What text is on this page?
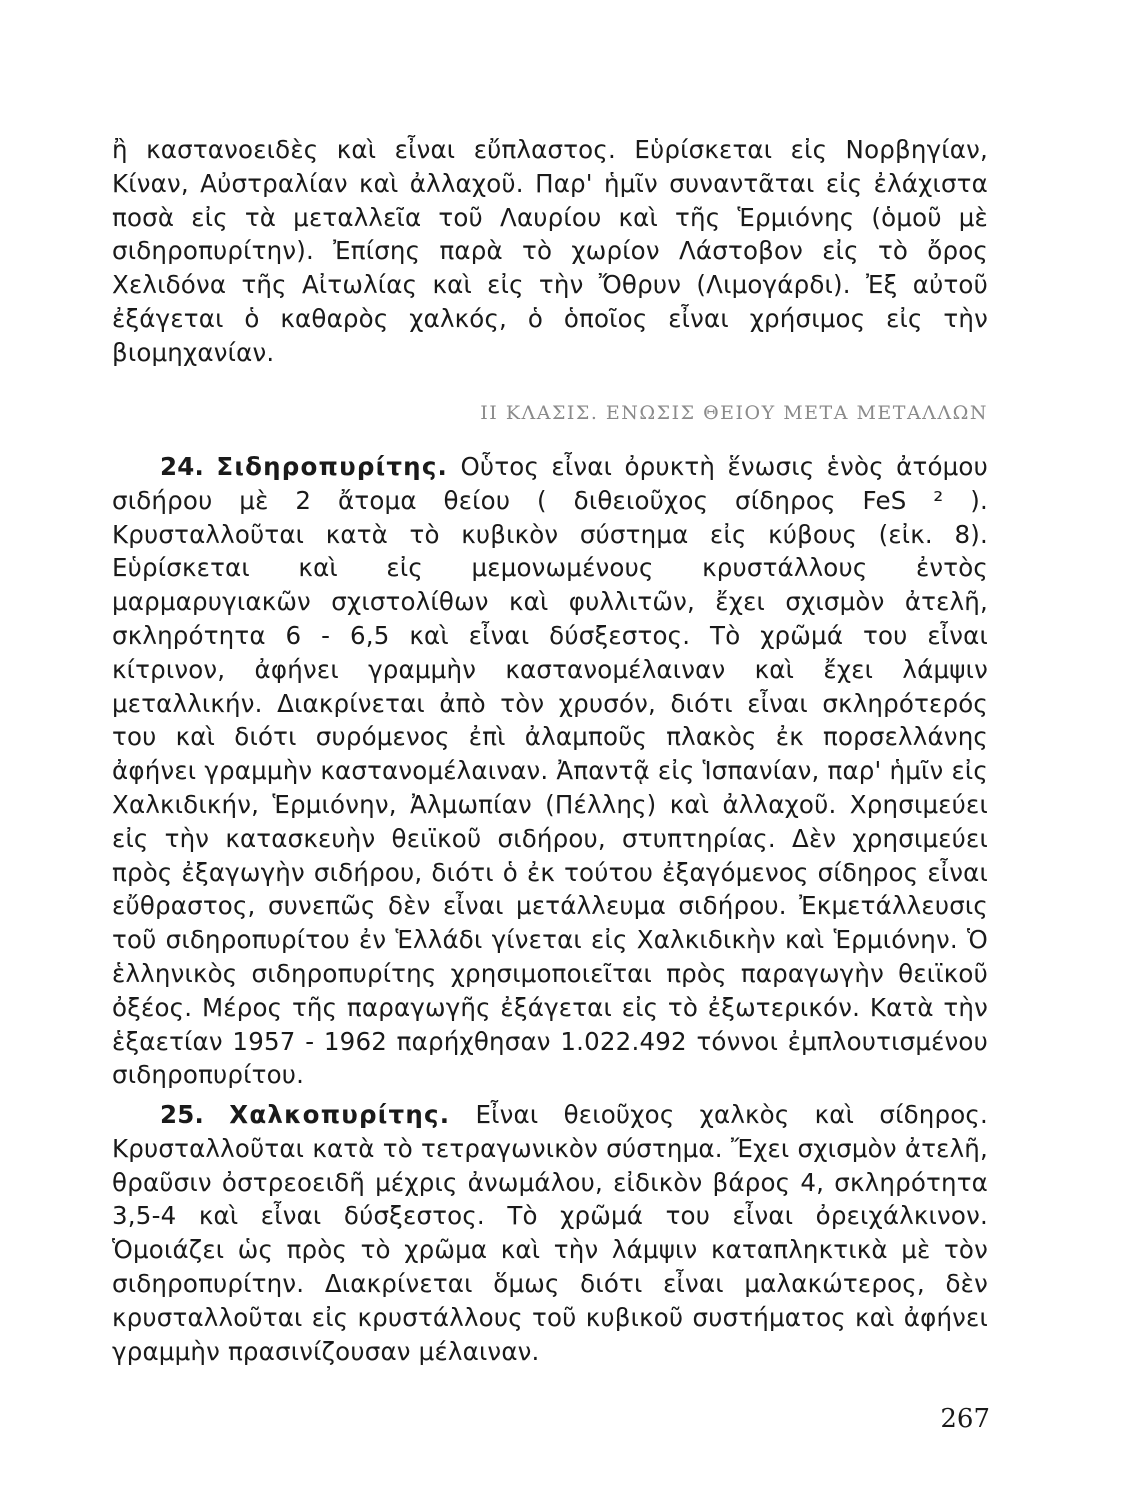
ἢ καστανοειδὲς καὶ εἶναι εὔπλαστος. Εὑρίσκεται εἰς Νορβηγίαν, Κίναν, Αὐστραλίαν καὶ ἀλλαχοῦ. Παρ' ἡμῖν συναντᾶται εἰς ἐλάχιστα ποσὰ εἰς τὰ μεταλλεῖα τοῦ Λαυρίου καὶ τῆς Ἑρμιόνης (ὁμοῦ μὲ σιδηροπυρίτην). Ἐπίσης παρὰ τὸ χωρίον Λάστοβον εἰς τὸ ὄρος Χελιδόνα τῆς Αἰτωλίας καὶ εἰς τὴν Ὄθρυν (Λιμογάρδι). Ἐξ αὐτοῦ ἐξάγεται ὁ καθαρὸς χαλκός, ὁ ὁποῖος εἶναι χρήσιμος εἰς τὴν βιομηχανίαν.

II ΚΛΑΣΙΣ. ΕΝΩΣΙΣ ΘΕΙΟΥ ΜΕΤΑ ΜΕΤΑΛΛΩΝ

24. Σιδηροπυρίτης. Οὗτος εἶναι ὀρυκτὴ ἕνωσις ἑνὸς ἀτόμου σιδήρου μὲ 2 ἄτομα θείου ( διθειοῦχος σίδηρος FeS ² ). Κρυσταλλοῦται κατὰ τὸ κυβικὸν σύστημα εἰς κύβους (εἰκ. 8). Εὑρίσκεται καὶ εἰς μεμονωμένους κρυστάλλους ἐντὸς μαρμαρυγιακῶν σχιστολίθων καὶ φυλλιτῶν, ἔχει σχισμὸν ἀτελῆ, σκληρότητα 6 - 6,5 καὶ εἶναι δύσξεστος. Τὸ χρῶμά του εἶναι κίτρινον, ἀφήνει γραμμὴν καστανομέλαιναν καὶ ἔχει λάμψιν μεταλλικήν. Διακρίνεται ἀπὸ τὸν χρυσόν, διότι εἶναι σκληρότερός του καὶ διότι συρόμενος ἐπὶ ἀλαμποῦς πλακὸς ἐκ πορσελλάνης ἀφήνει γραμμὴν καστανομέλαιναν. Ἀπαντᾷ εἰς Ἱσπανίαν, παρ' ἡμῖν εἰς Χαλκιδικήν, Ἑρμιόνην, Ἀλμωπίαν (Πέλλης) καὶ ἀλλαχοῦ. Χρησιμεύει εἰς τὴν κατασκευὴν θειϊκοῦ σιδήρου, στυπτηρίας. Δὲν χρησιμεύει πρὸς ἐξαγωγὴν σιδήρου, διότι ὁ ἐκ τούτου ἐξαγόμενος σίδηρος εἶναι εὔθραστος, συνεπῶς δὲν εἶναι μετάλλευμα σιδήρου. Ἐκμετάλλευσις τοῦ σιδηροπυρίτου ἐν Ἑλλάδι γίνεται εἰς Χαλκιδικὴν καὶ Ἑρμιόνην. Ὁ ἑλληνικὸς σιδηροπυρίτης χρησιμοποιεῖται πρὸς παραγωγὴν θειϊκοῦ ὀξέος. Μέρος τῆς παραγωγῆς ἐξάγεται εἰς τὸ ἐξωτερικόν. Κατὰ τὴν ἑξαετίαν 1957 - 1962 παρήχθησαν 1.022.492 τόννοι ἐμπλουτισμένου σιδηροπυρίτου.

25. Χαλκοπυρίτης. Εἶναι θειοῦχος χαλκὸς καὶ σίδηρος. Κρυσταλλοῦται κατὰ τὸ τετραγωνικὸν σύστημα. Ἔχει σχισμὸν ἀτελῆ, θραῦσιν ὀστρεοειδῆ μέχρις ἀνωμάλου, εἰδικὸν βάρος 4, σκληρότητα 3,5-4 καὶ εἶναι δύσξεστος. Τὸ χρῶμά του εἶναι ὀρειχάλκινον. Ὁμοιάζει ὡς πρὸς τὸ χρῶμα καὶ τὴν λάμψιν καταπληκτικὰ μὲ τὸν σιδηροπυρίτην. Διακρίνεται ὅμως διότι εἶναι μαλακώτερος, δὲν κρυσταλλοῦται εἰς κρυστάλλους τοῦ κυβικοῦ συστήματος καὶ ἀφήνει γραμμὴν πρασινίζουσαν μέλαιναν.

267
